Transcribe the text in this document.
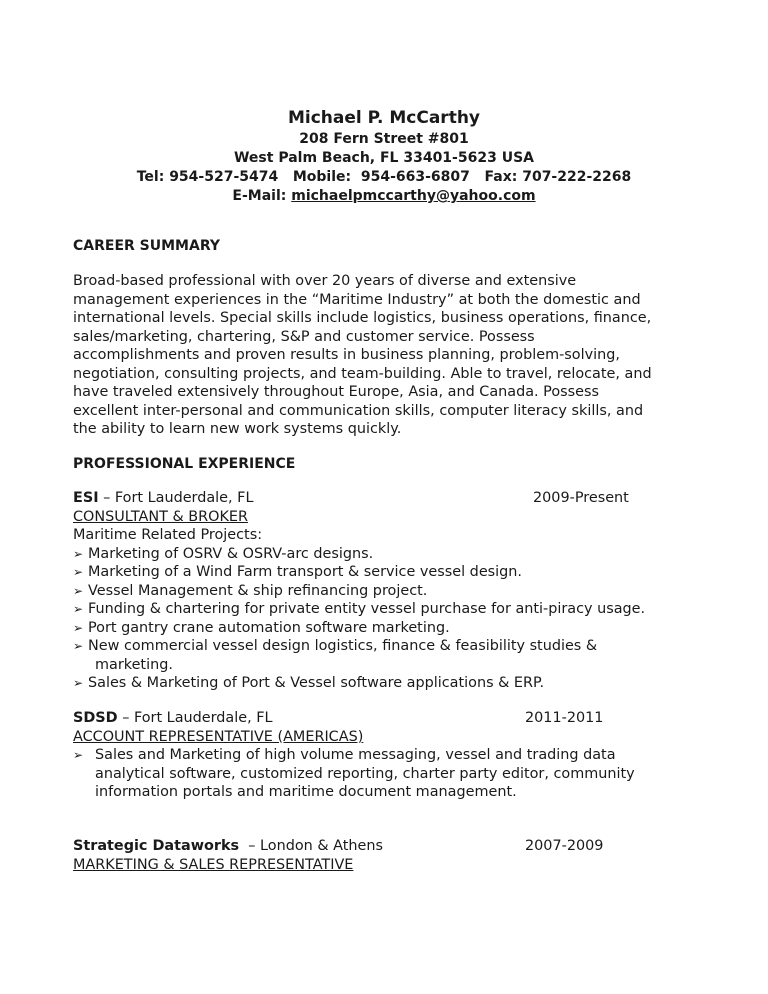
Michael P. McCarthy
208 Fern Street #801
West Palm Beach, FL 33401-5623 USA
Tel: 954-527-5474   Mobile:  954-663-6807   Fax: 707-222-2268
E-Mail: michaelpmccarthy@yahoo.com
CAREER SUMMARY
Broad-based professional with over 20 years of diverse and extensive
management experiences in the “Maritime Industry” at both the domestic and
international levels. Special skills include logistics, business operations, finance,
sales/marketing, chartering, S&P and customer service. Possess
accomplishments and proven results in business planning, problem-solving,
negotiation, consulting projects, and team-building. Able to travel, relocate, and
have traveled extensively throughout Europe, Asia, and Canada. Possess
excellent inter-personal and communication skills, computer literacy skills, and
the ability to learn new work systems quickly.
PROFESSIONAL EXPERIENCE
ESI – Fort Lauderdale, FL	2009-Present
CONSULTANT & BROKER
Maritime Related Projects:
➢ Marketing of OSRV & OSRV-arc designs.
➢ Marketing of a Wind Farm transport & service vessel design.
➢ Vessel Management & ship refinancing project.
➢ Funding & chartering for private entity vessel purchase for anti-piracy usage.
➢ Port gantry crane automation software marketing.
➢ New commercial vessel design logistics, finance & feasibility studies &
marketing.
➢ Sales & Marketing of Port & Vessel software applications & ERP.
SDSD – Fort Lauderdale, FL	2011-2011
ACCOUNT REPRESENTATIVE (AMERICAS)
➢ Sales and Marketing of high volume messaging, vessel and trading data
analytical software, customized reporting, charter party editor, community
information portals and maritime document management.
Strategic Dataworks  – London & Athens	2007-2009
MARKETING & SALES REPRESENTATIVE
